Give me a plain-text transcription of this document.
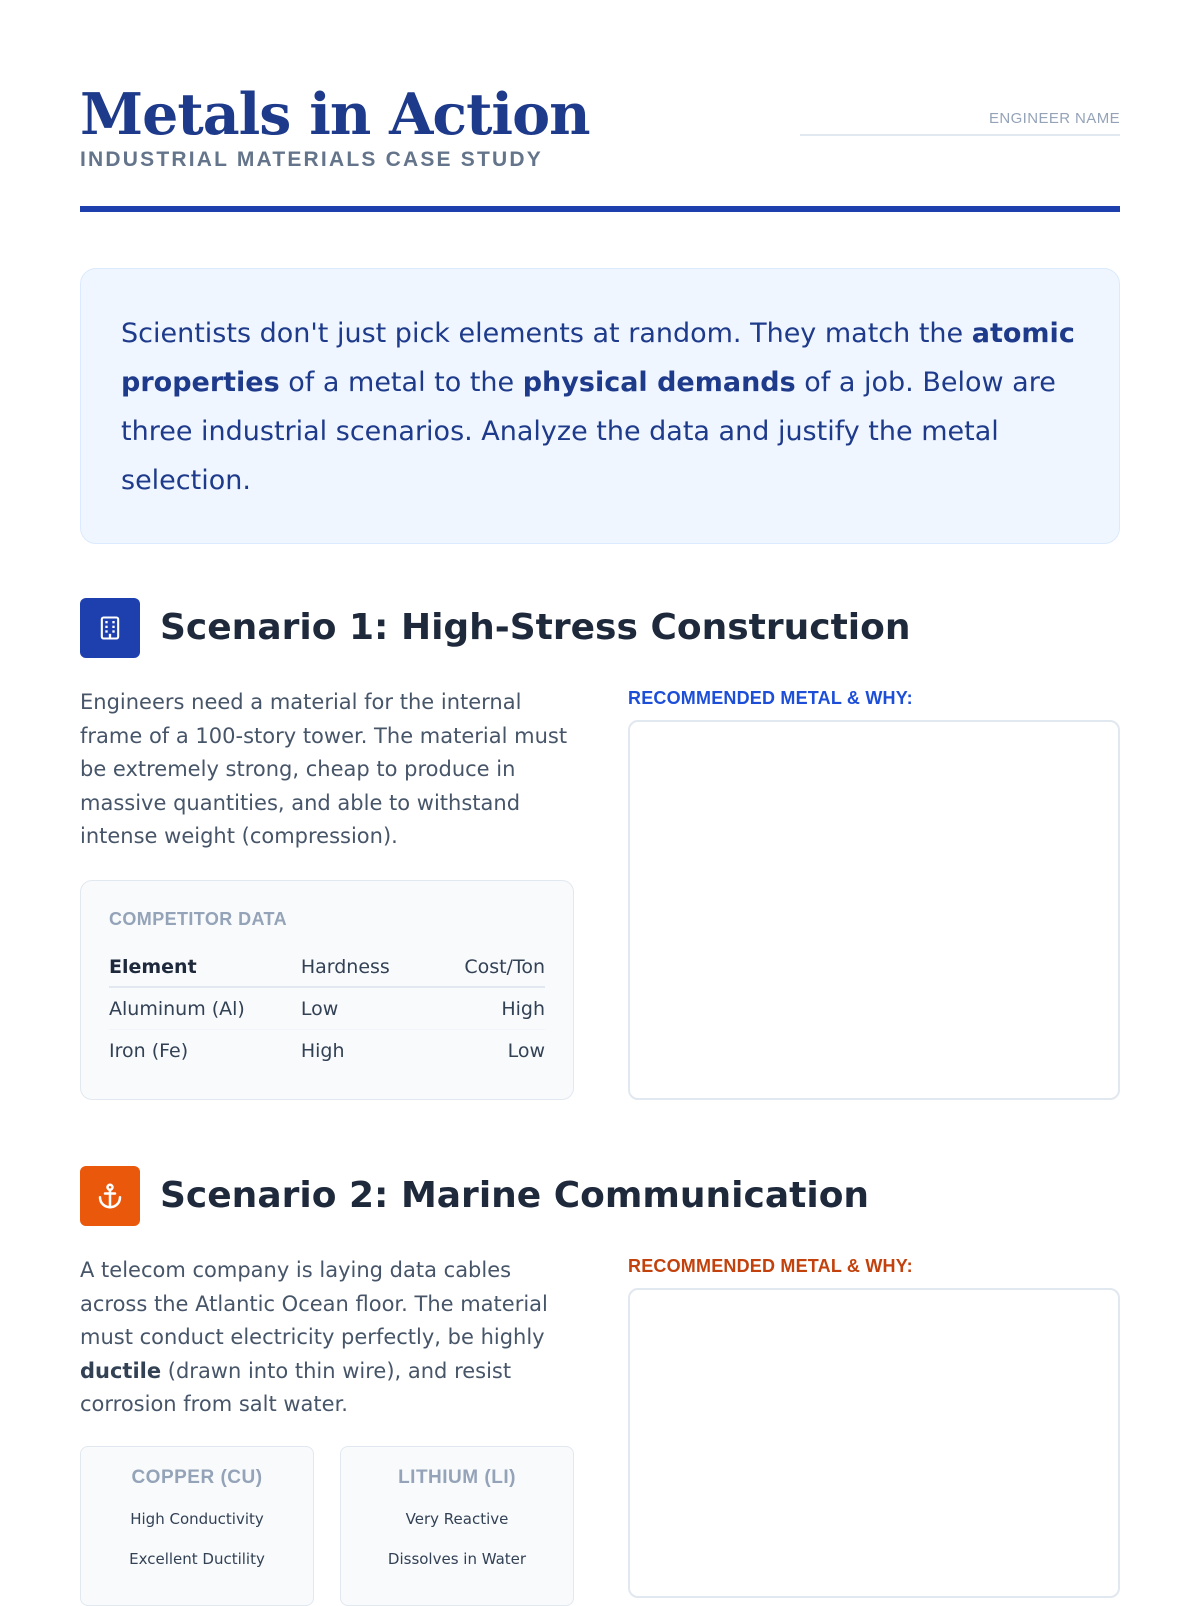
Metals in Action
INDUSTRIAL MATERIALS CASE STUDY
ENGINEER NAME
Scientists don't just pick elements at random. They match the atomic properties of a metal to the physical demands of a job. Below are three industrial scenarios. Analyze the data and justify the metal selection.
Scenario 1: High-Stress Construction

Engineers need a material for the internal frame of a 100-story tower. The material must be extremely strong, cheap to produce in massive quantities, and able to withstand intense weight (compression).

COMPETITOR DATA
Element	Hardness	Cost/Ton
Aluminum (Al)	Low	High
Iron (Fe)	High	Low
RECOMMENDED METAL & WHY:
Scenario 2: Marine Communication

A telecom company is laying data cables across the Atlantic Ocean floor. The material must conduct electricity perfectly, be highly ductile (drawn into thin wire), and resist corrosion from salt water.

COPPER (CU)
High Conductivity
Excellent Ductility
LITHIUM (LI)
Very Reactive
Dissolves in Water
RECOMMENDED METAL & WHY:
